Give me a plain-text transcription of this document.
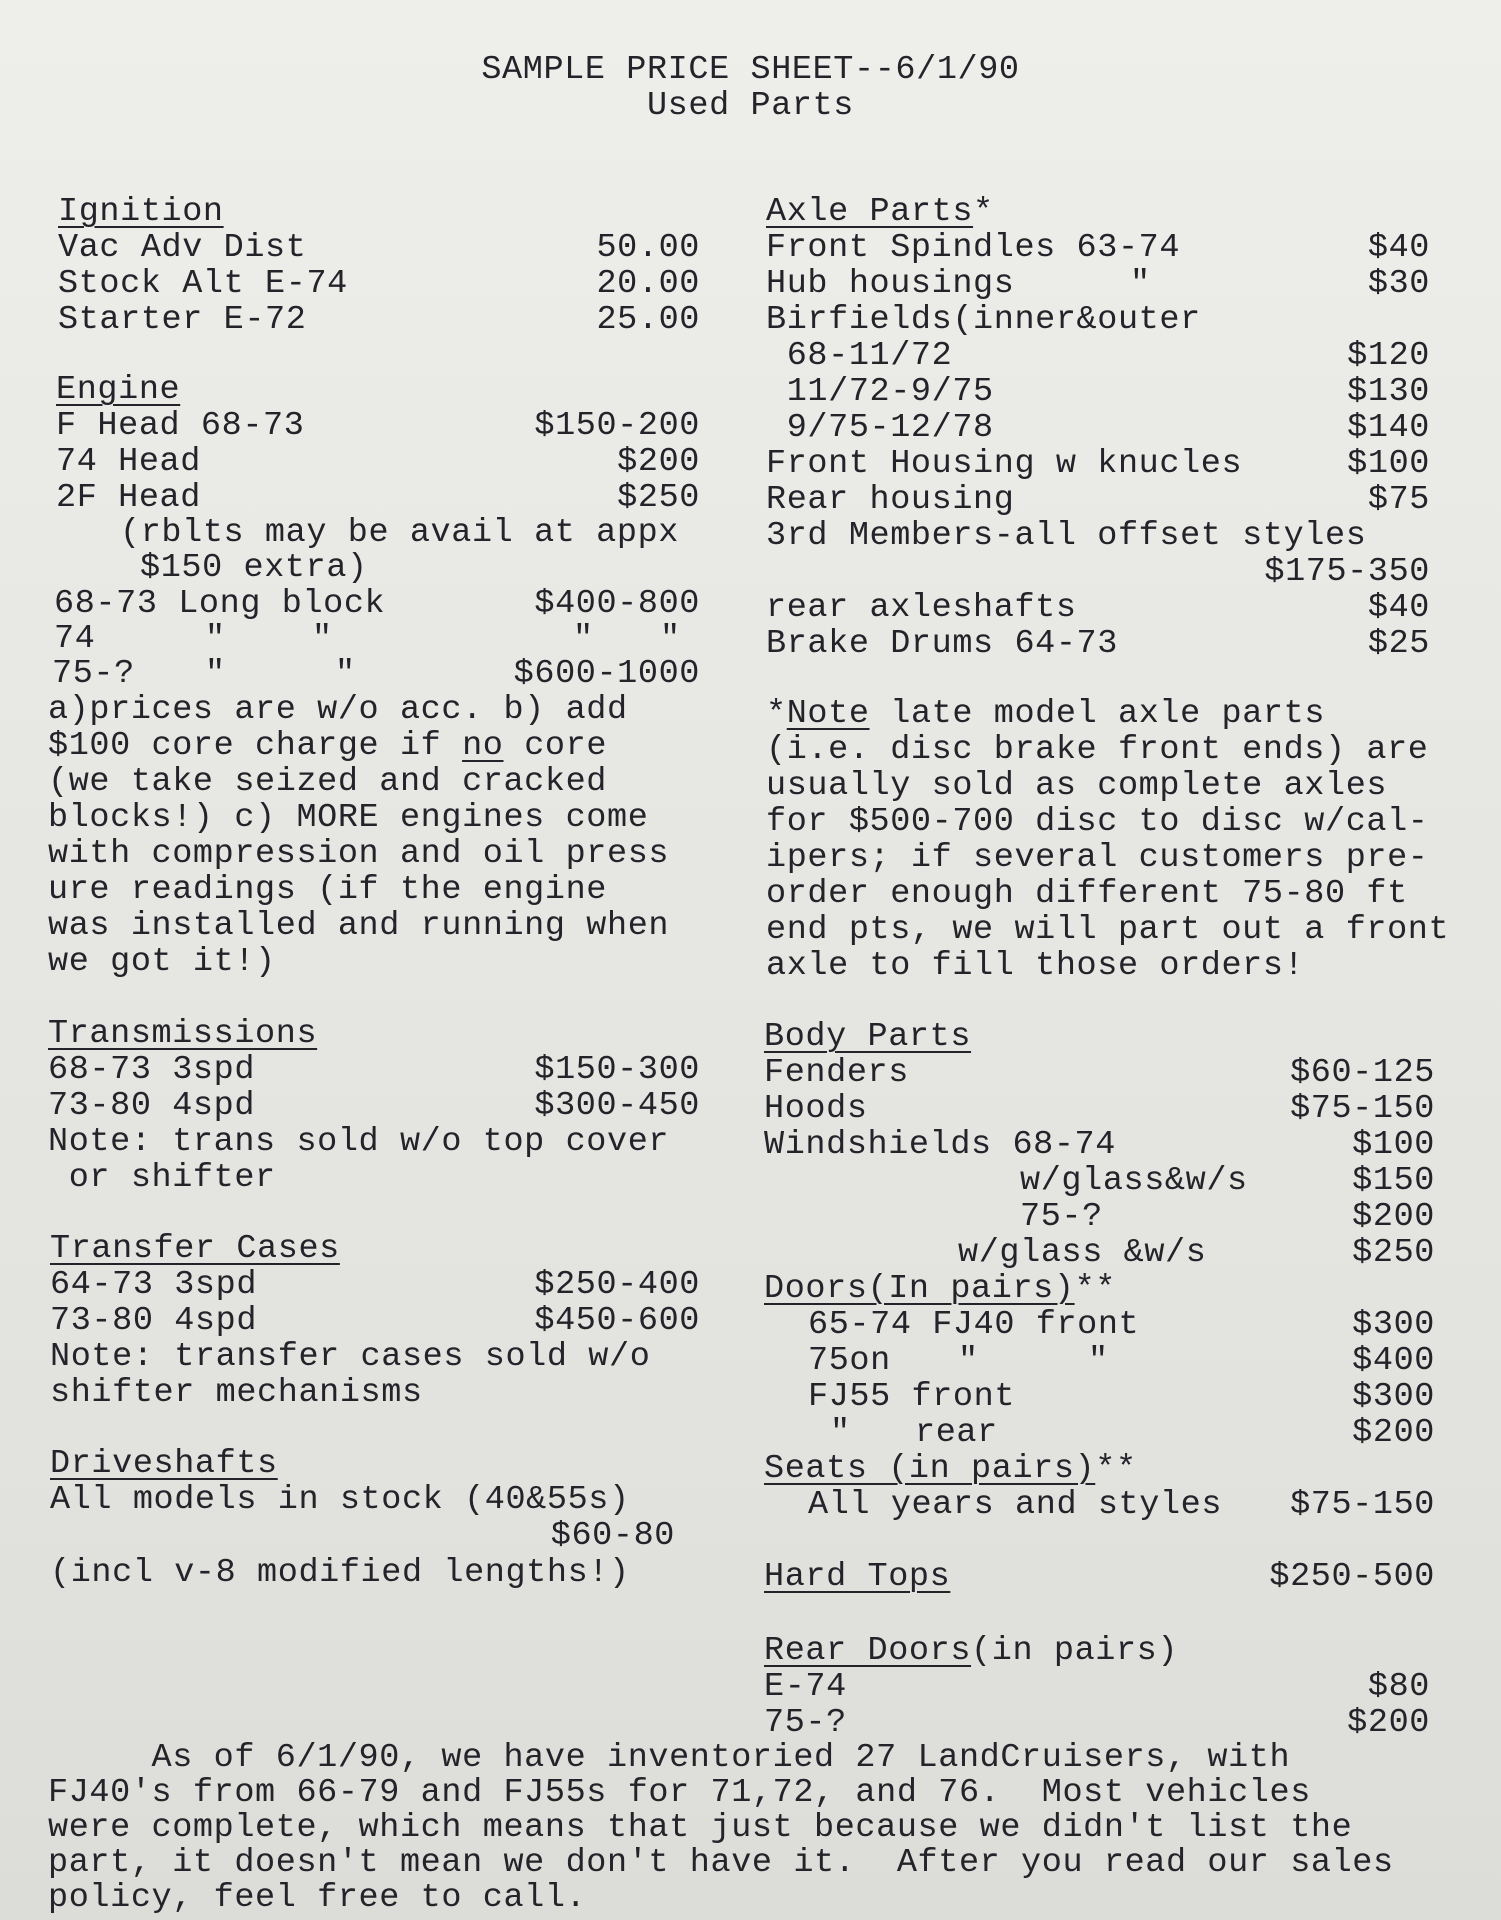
SAMPLE PRICE SHEET--6/1/90
Used Parts
Ignition
Vac Adv Dist	50.00
Stock Alt E-74	20.00
Starter E-72	25.00
Engine
F Head 68-73	$150-200
74 Head	$200
2F Head	$250
(rblts may be avail at appx
$150 extra)
68-73 Long block	$400-800
74	"	"	" "
75-? "	"	$600-1000
a)prices are w/o acc. b) add
$100 core charge if no core
(we take seized and cracked
blocks!) c) MORE engines come
with compression and oil press
ure readings (if the engine
was installed and running when
we got it!)
Transmissions
68-73 3spd	$150-300
73-80 4spd	$300-450
Note: trans sold w/o top cover
or shifter
Transfer Cases
64-73 3spd	$250-400
73-80 4spd	$450-600
Note: transfer cases sold w/o
shifter mechanisms
Driveshafts
All models in stock (40&55s)
$60-80
(incl v-8 modified lengths!)
Axle Parts*
Front Spindles 63-74	$40
Hub housings	"	$30
Birfields(inner&outer
68-11/72	$120
11/72-9/75	$130
9/75-12/78	$140
Front Housing w knucles	$100
Rear housing	$75
3rd Members-all offset styles
$175-350
rear axleshafts	$40
Brake Drums 64-73	$25
*Note late model axle parts
(i.e. disc brake front ends) are
usually sold as complete axles
for $500-700 disc to disc w/cal-
ipers; if several customers pre-
order enough different 75-80 ft
end pts, we will part out a front
axle to fill those orders!
Body Parts
Fenders	$60-125
Hoods	$75-150
Windshields 68-74	$100
w/glass&w/s	$150
75-?	$200
w/glass &w/s	$250
Doors(In pairs)**
65-74 FJ40 front	$300
75on "	"	$400
FJ55 front	$300
" rear	$200
Seats (in pairs)**
All years and styles	$75-150
Hard Tops	$250-500
Rear Doors(in pairs)
E-74	$80
75-?	$200
As of 6/1/90, we have inventoried 27 LandCruisers, with
FJ40's from 66-79 and FJ55s for 71,72, and 76.  Most vehicles
were complete, which means that just because we didn't list the
part, it doesn't mean we don't have it.  After you read our sales
policy, feel free to call.
